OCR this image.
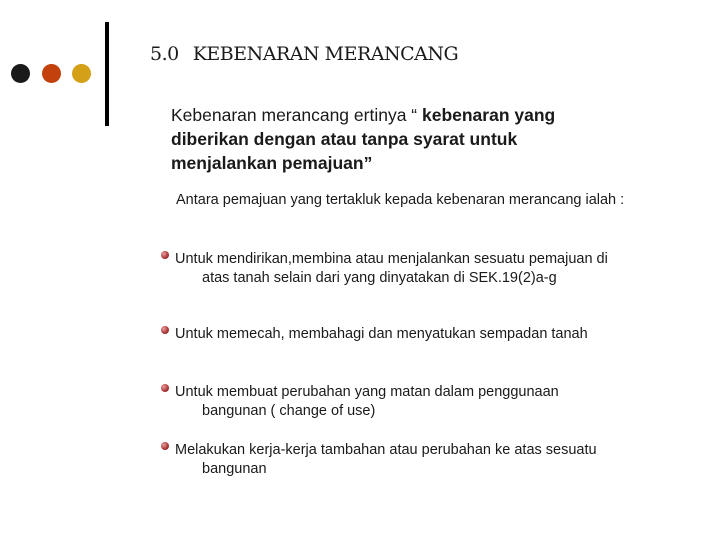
5.0 KEBENARAN MERANCANG

Kebenaran merancang ertinya “ kebenaran yang diberikan dengan atau tanpa syarat untuk menjalankan pemajuan”

Antara pemajuan yang tertakluk kepada kebenaran merancang ialah :

Untuk mendirikan,membina atau menjalankan sesuatu pemajuan di atas tanah selain dari yang dinyatakan di SEK.19(2)a-g
Untuk memecah, membahagi dan menyatukan sempadan tanah
Untuk membuat perubahan yang matan dalam penggunaan bangunan ( change of use)
Melakukan kerja-kerja tambahan atau perubahan ke atas sesuatu bangunan
